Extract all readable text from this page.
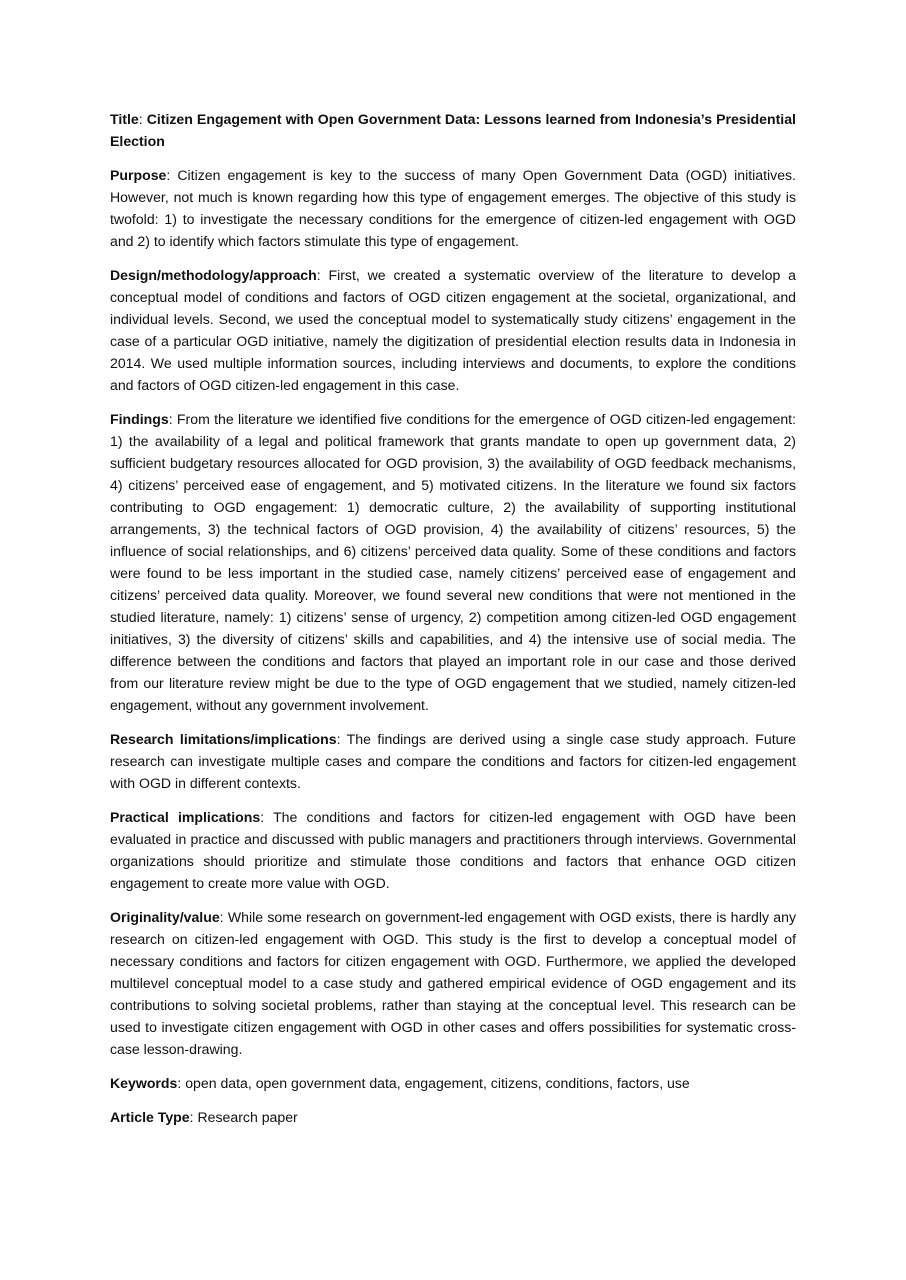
Title: Citizen Engagement with Open Government Data: Lessons learned from Indonesia’s Presidential Election

Purpose: Citizen engagement is key to the success of many Open Government Data (OGD) initiatives. However, not much is known regarding how this type of engagement emerges. The objective of this study is twofold: 1) to investigate the necessary conditions for the emergence of citizen-led engagement with OGD and 2) to identify which factors stimulate this type of engagement.

Design/methodology/approach: First, we created a systematic overview of the literature to develop a conceptual model of conditions and factors of OGD citizen engagement at the societal, organizational, and individual levels. Second, we used the conceptual model to systematically study citizens’ engagement in the case of a particular OGD initiative, namely the digitization of presidential election results data in Indonesia in 2014. We used multiple information sources, including interviews and documents, to explore the conditions and factors of OGD citizen-led engagement in this case.

Findings: From the literature we identified five conditions for the emergence of OGD citizen-led engagement: 1) the availability of a legal and political framework that grants mandate to open up government data, 2) sufficient budgetary resources allocated for OGD provision, 3) the availability of OGD feedback mechanisms, 4) citizens’ perceived ease of engagement, and 5) motivated citizens. In the literature we found six factors contributing to OGD engagement: 1) democratic culture, 2) the availability of supporting institutional arrangements, 3) the technical factors of OGD provision, 4) the availability of citizens’ resources, 5) the influence of social relationships, and 6) citizens’ perceived data quality. Some of these conditions and factors were found to be less important in the studied case, namely citizens’ perceived ease of engagement and citizens’ perceived data quality. Moreover, we found several new conditions that were not mentioned in the studied literature, namely: 1) citizens’ sense of urgency, 2) competition among citizen-led OGD engagement initiatives, 3) the diversity of citizens’ skills and capabilities, and 4) the intensive use of social media. The difference between the conditions and factors that played an important role in our case and those derived from our literature review might be due to the type of OGD engagement that we studied, namely citizen-led engagement, without any government involvement.

Research limitations/implications: The findings are derived using a single case study approach. Future research can investigate multiple cases and compare the conditions and factors for citizen-led engagement with OGD in different contexts.

Practical implications: The conditions and factors for citizen-led engagement with OGD have been evaluated in practice and discussed with public managers and practitioners through interviews. Governmental organizations should prioritize and stimulate those conditions and factors that enhance OGD citizen engagement to create more value with OGD.

Originality/value: While some research on government-led engagement with OGD exists, there is hardly any research on citizen-led engagement with OGD. This study is the first to develop a conceptual model of necessary conditions and factors for citizen engagement with OGD. Furthermore, we applied the developed multilevel conceptual model to a case study and gathered empirical evidence of OGD engagement and its contributions to solving societal problems, rather than staying at the conceptual level. This research can be used to investigate citizen engagement with OGD in other cases and offers possibilities for systematic cross-case lesson-drawing.

Keywords: open data, open government data, engagement, citizens, conditions, factors, use

Article Type: Research paper
